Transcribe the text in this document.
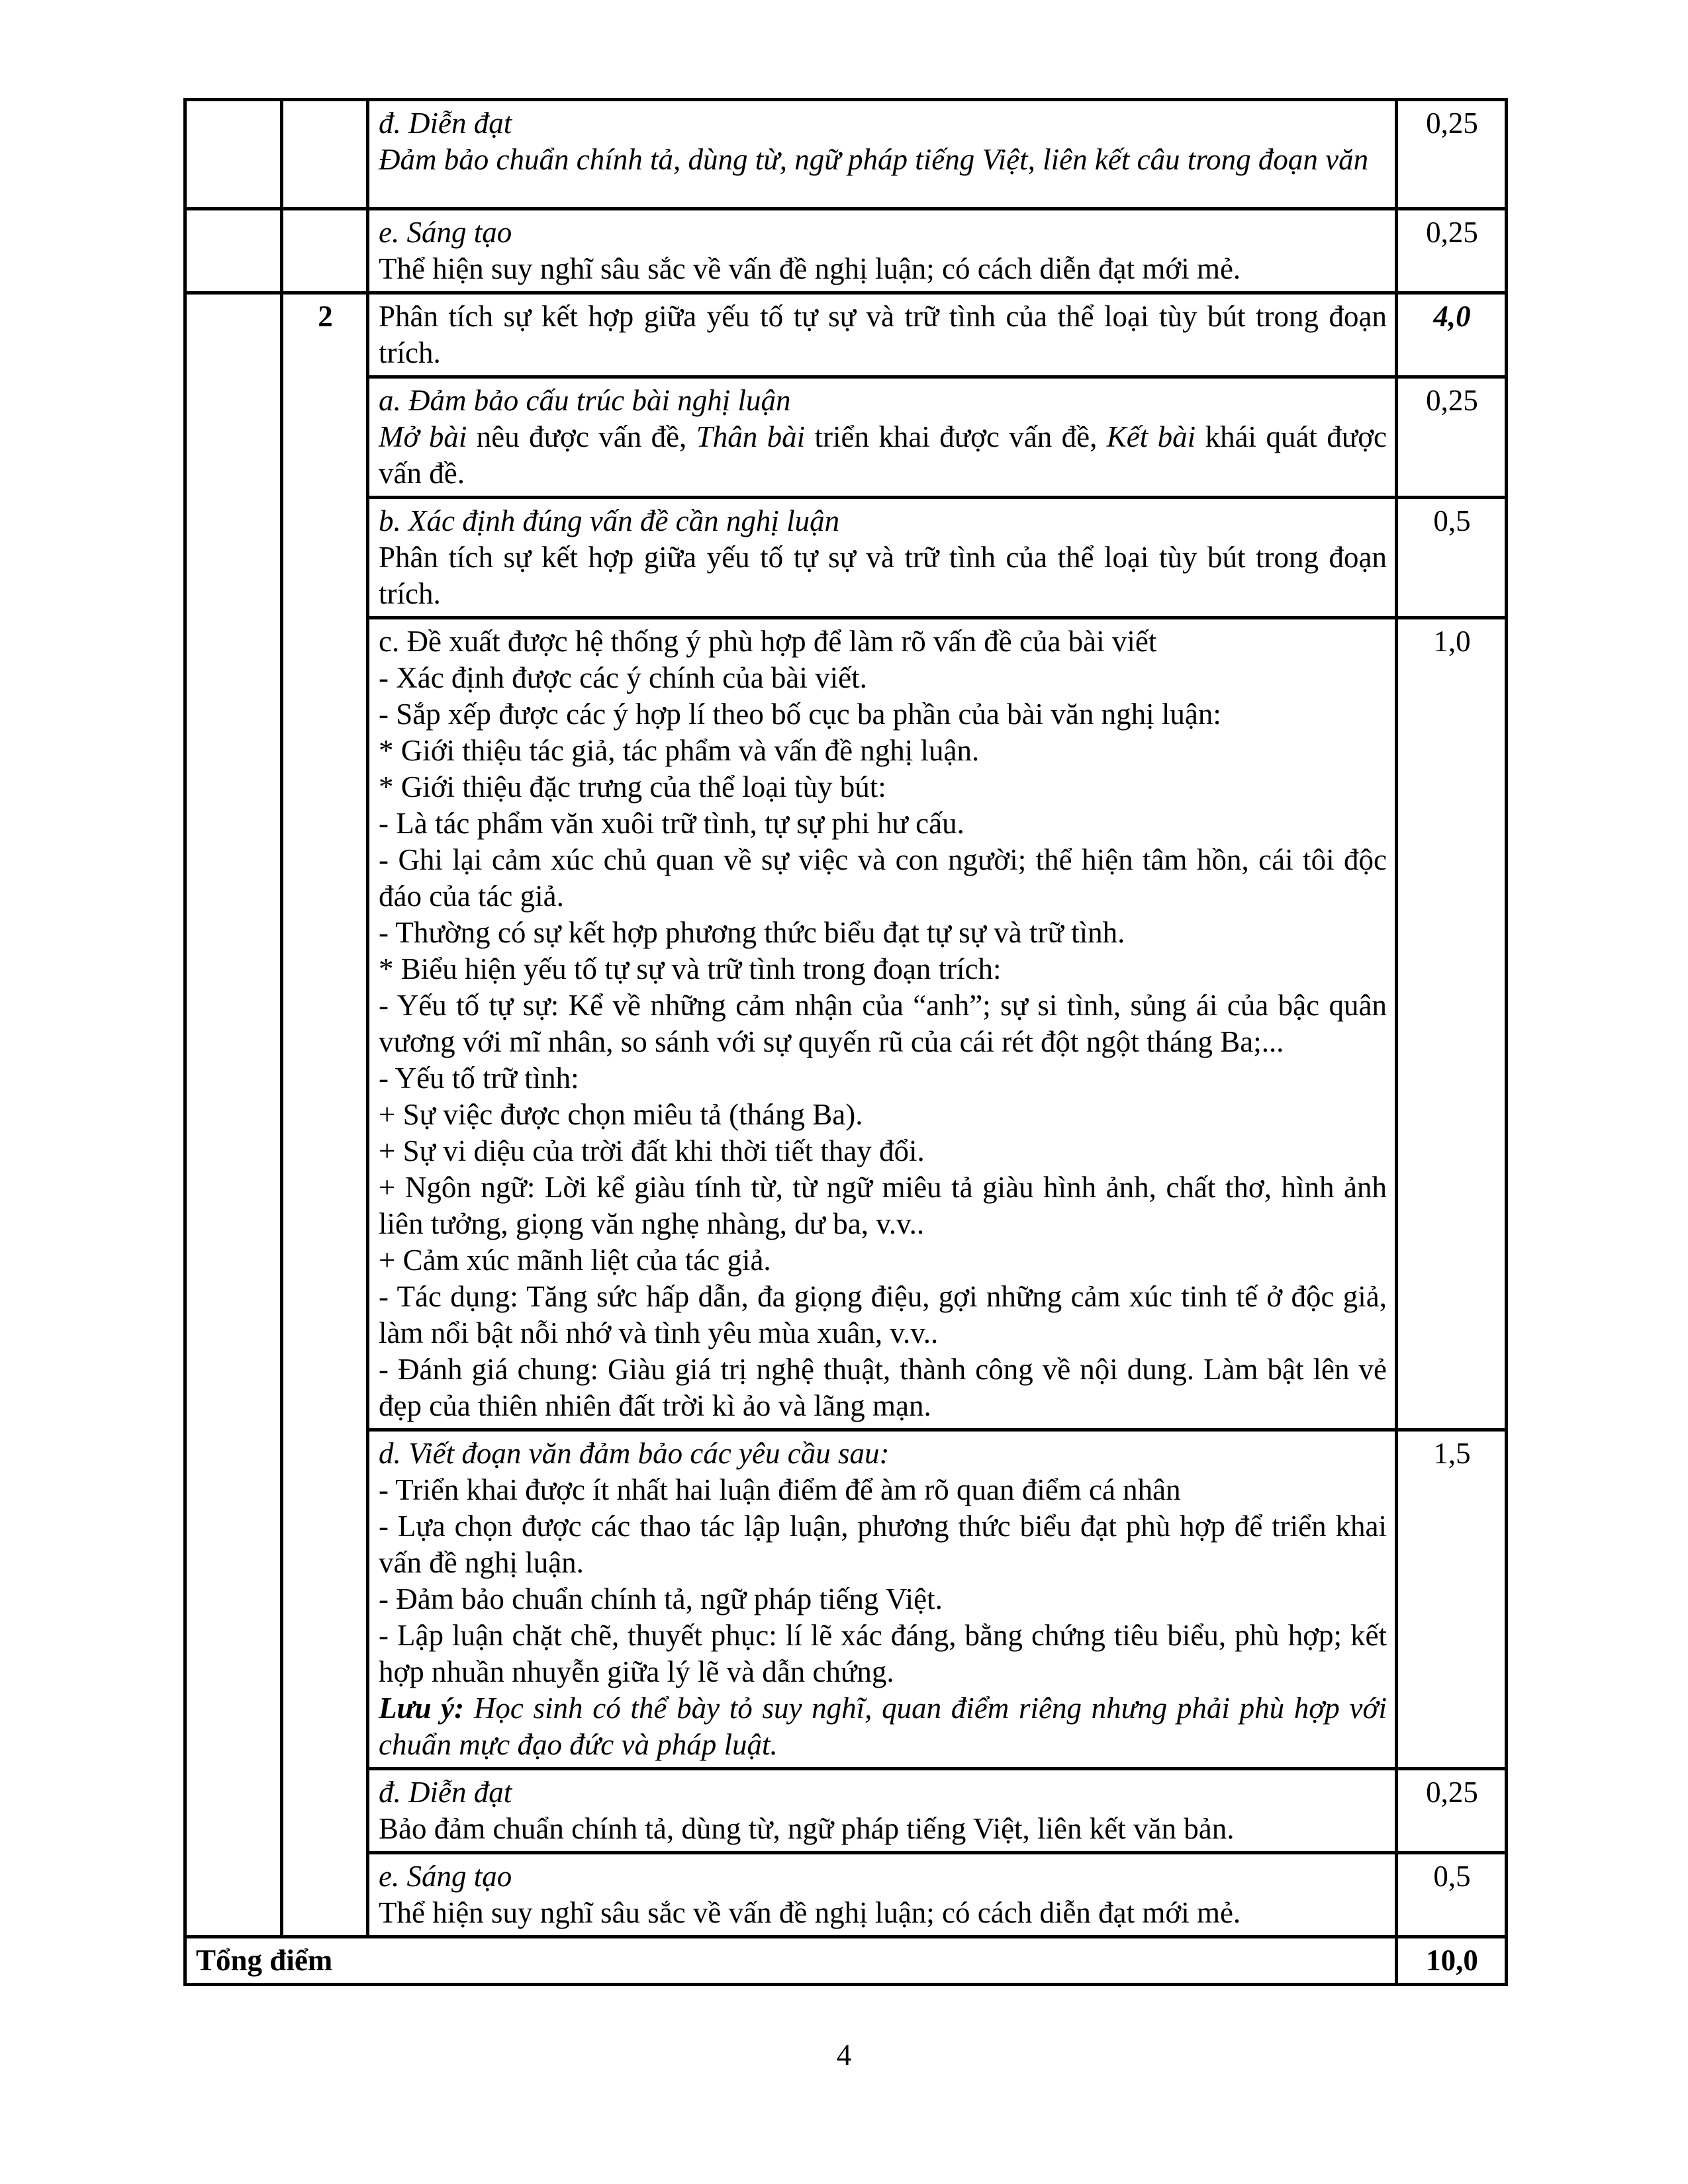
		đ. Diễn đạt

Đảm bảo chuẩn chính tả, dùng từ, ngữ pháp tiếng Việt, liên kết câu trong đoạn văn	0,25

		e. Sáng tạo

Thể hiện suy nghĩ sâu sắc về vấn đề nghị luận; có cách diễn đạt mới mẻ.	0,25
	2	Phân tích sự kết hợp giữa yếu tố tự sự và trữ tình của thể loại tùy bút trong đoạn trích.	4,0

		a. Đảm bảo cấu trúc bài nghị luận

Mở bài nêu được vấn đề, Thân bài triển khai được vấn đề, Kết bài khái quát được vấn đề.	0,25

		b. Xác định đúng vấn đề cần nghị luận

Phân tích sự kết hợp giữa yếu tố tự sự và trữ tình của thể loại tùy bút trong đoạn trích.	0,5

c. Đề xuất được hệ thống ý phù hợp để làm rõ vấn đề của bài viết

- Xác định được các ý chính của bài viết.

- Sắp xếp được các ý hợp lí theo bố cục ba phần của bài văn nghị luận:

* Giới thiệu tác giả, tác phẩm và vấn đề nghị luận.

* Giới thiệu đặc trưng của thể loại tùy bút:

- Là tác phẩm văn xuôi trữ tình, tự sự phi hư cấu.

- Ghi lại cảm xúc chủ quan về sự việc và con người; thể hiện tâm hồn, cái tôi độc đáo của tác giả.

- Thường có sự kết hợp phương thức biểu đạt tự sự và trữ tình.

* Biểu hiện yếu tố tự sự và trữ tình trong đoạn trích:

- Yếu tố tự sự: Kể về những cảm nhận của “anh”; sự si tình, sủng ái của bậc quân vương với mĩ nhân, so sánh với sự quyến rũ của cái rét đột ngột tháng Ba;...

- Yếu tố trữ tình:

+ Sự việc được chọn miêu tả (tháng Ba).

+ Sự vi diệu của trời đất khi thời tiết thay đổi.

+ Ngôn ngữ: Lời kể giàu tính từ, từ ngữ miêu tả giàu hình ảnh, chất thơ, hình ảnh liên tưởng, giọng văn nghẹ nhàng, dư ba, v.v..

+ Cảm xúc mãnh liệt của tác giả.

- Tác dụng: Tăng sức hấp dẫn, đa giọng điệu, gợi những cảm xúc tinh tế ở độc giả, làm nổi bật nỗi nhớ và tình yêu mùa xuân, v.v..

- Đánh giá chung: Giàu giá trị nghệ thuật, thành công về nội dung. Làm bật lên vẻ đẹp của thiên nhiên đất trời kì ảo và lãng mạn.

	1,0

d. Viết đoạn văn đảm bảo các yêu cầu sau:

- Triển khai được ít nhất hai luận điểm để àm rõ quan điểm cá nhân

- Lựa chọn được các thao tác lập luận, phương thức biểu đạt phù hợp để triển khai vấn đề nghị luận.

- Đảm bảo chuẩn chính tả, ngữ pháp tiếng Việt.

- Lập luận chặt chẽ, thuyết phục: lí lẽ xác đáng, bằng chứng tiêu biểu, phù hợp; kết hợp nhuần nhuyễn giữa lý lẽ và dẫn chứng.

Lưu ý: Học sinh có thể bày tỏ suy nghĩ, quan điểm riêng nhưng phải phù hợp với chuẩn mực đạo đức và pháp luật.

	1,5

		đ. Diễn đạt

Bảo đảm chuẩn chính tả, dùng từ, ngữ pháp tiếng Việt, liên kết văn bản.	0,25

		e. Sáng tạo

Thể hiện suy nghĩ sâu sắc về vấn đề nghị luận; có cách diễn đạt mới mẻ.	0,5
Tổng điểm			10,0
4
